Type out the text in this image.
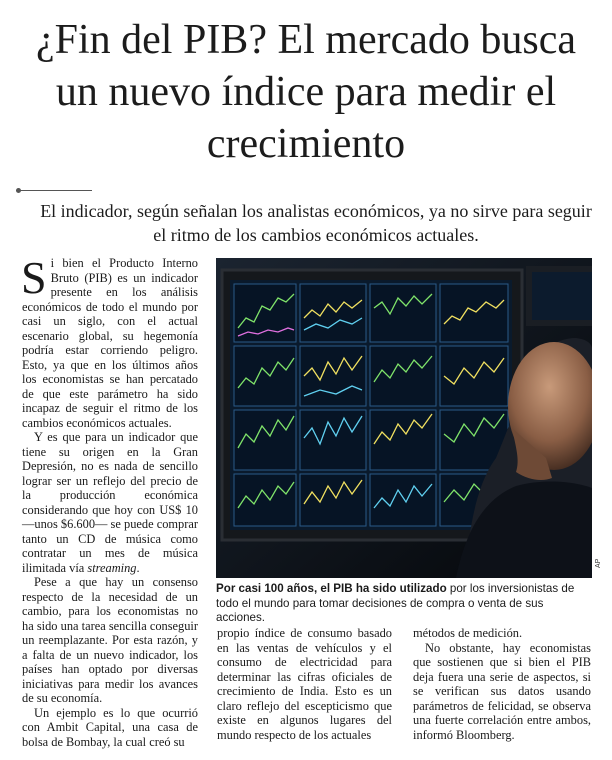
¿Fin del PIB? El mercado busca un nuevo índice para medir el crecimiento

El indicador, según señalan los analistas económicos, ya no sirve para seguir el ritmo de los cambios económicos actuales.

Si bien el Producto Interno Bruto (PIB) es un indicador presente en los análisis económicos de todo el mundo por casi un siglo, con el actual escenario global, su hegemonía podría estar corriendo peligro. Esto, ya que en los últimos años los economistas se han percatado de que este parámetro ha sido incapaz de seguir el ritmo de los cambios económicos actuales.

Y es que para un indicador que tiene su origen en la Gran Depresión, no es nada de sencillo lograr ser un reflejo del precio de la producción económica considerando que hoy con US$ 10 —unos $6.600— se puede comprar tanto un CD de música como contratar un mes de música ilimitada vía streaming.

Pese a que hay un consenso respecto de la necesidad de un cambio, para los economistas no ha sido una tarea sencilla conseguir un reemplazante. Por esta razón, y a falta de un nuevo indicador, los países han optado por diversas iniciativas para medir los avances de su economía.

Un ejemplo es lo que ocurrió con Ambit Capital, una casa de bolsa de Bombay, la cual creó su

AP

Por casi 100 años, el PIB ha sido utilizado por los inversionistas de todo el mundo para tomar decisiones de compra o venta de sus acciones.

propio índice de consumo basado en las ventas de vehículos y el consumo de electricidad para determinar las cifras oficiales de crecimiento de India. Esto es un claro reflejo del escepticismo que existe en algunos lugares del mundo respecto de los actuales

métodos de medición.

No obstante, hay economistas que sostienen que si bien el PIB deja fuera una serie de aspectos, si se verifican sus datos usando parámetros de felicidad, se observa una fuerte correlación entre ambos, informó Bloomberg.
